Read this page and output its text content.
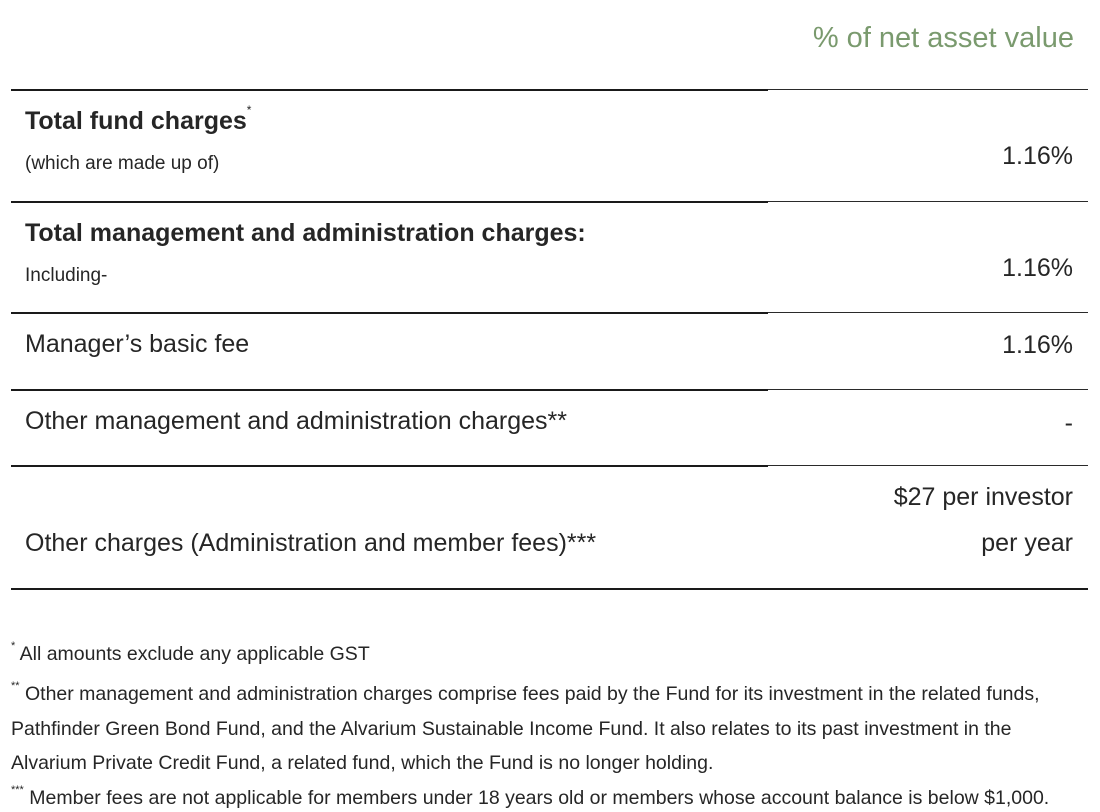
% of net asset value
Total fund charges*
(which are made up of)	1.16%
Total management and administration charges:
Including-	1.16%
Manager’s basic fee	1.16%
Other management and administration charges**	-
Other charges (Administration and member fees)***
$27 per investor
per year
* All amounts exclude any applicable GST
** Other management and administration charges comprise fees paid by the Fund for its investment in the related funds,
Pathfinder Green Bond Fund, and the Alvarium Sustainable Income Fund. It also relates to its past investment in the
Alvarium Private Credit Fund, a related fund, which the Fund is no longer holding.
*** Member fees are not applicable for members under 18 years old or members whose account balance is below $1,000.
